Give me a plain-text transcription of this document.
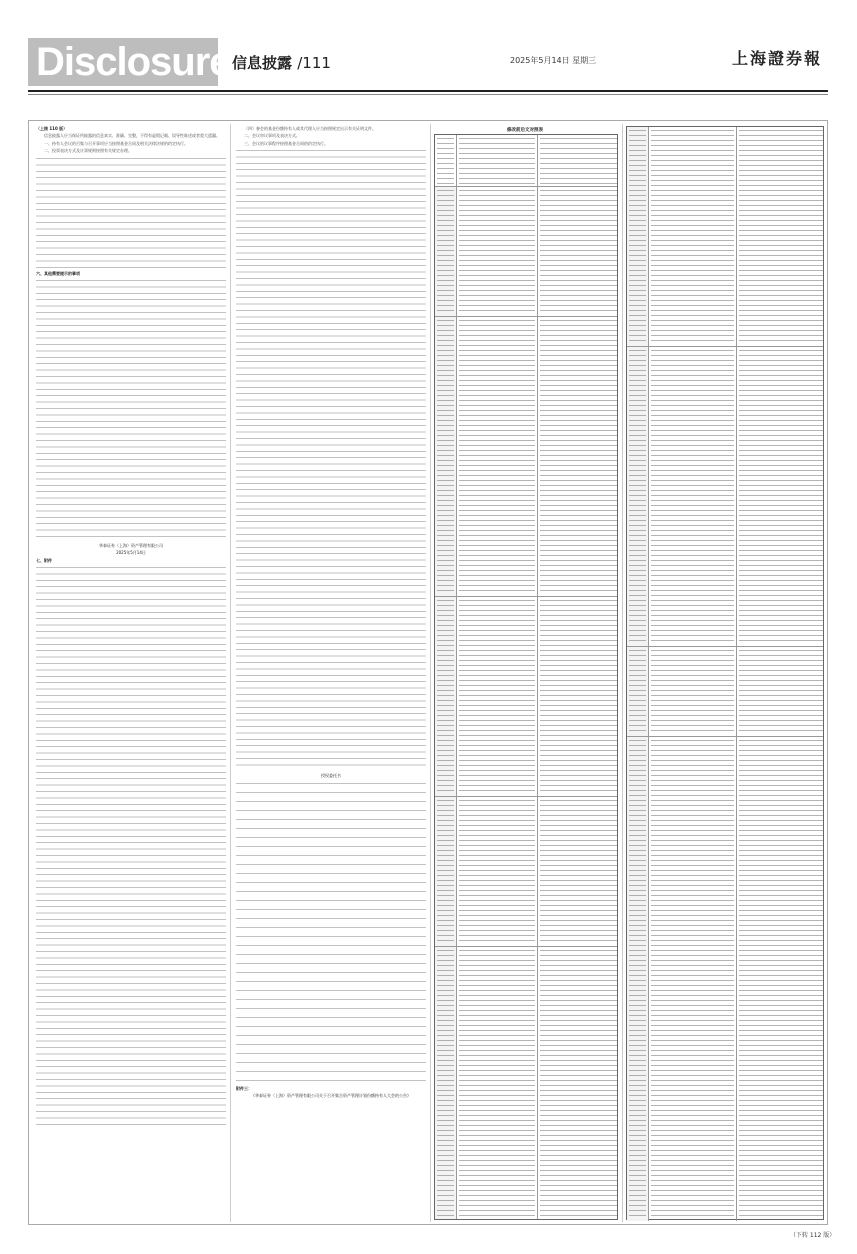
Disclosure 信息披露 /111	2025年5月14日 星期三	上海證券報

（上接 110 版）

信息披露人应当保证所披露的信息真实、准确、完整，不得有虚假记载、误导性陈述或者重大遗漏。

一、持有人会议的召集与召开事项应当按照基金合同及相关法律法规的约定执行。

二、投票表决方式及计票规则按照有关规定办理。

六、其他需要提示的事项

华泰证券（上海）资产管理有限公司

2025年5月14日

七、附件

（四）参会的基金份额持有人或其代理人应当按照规定出示有关证明文件。

二、会议审议事项及表决方式。

三、会议的议事程序按照基金合同的约定执行。

授权委托书

附件三：

《华泰证券（上海）资产管理有限公司关于召开集合资产管理计划份额持有人大会的公告》

修改前后文对照表
（下转 112 版）
